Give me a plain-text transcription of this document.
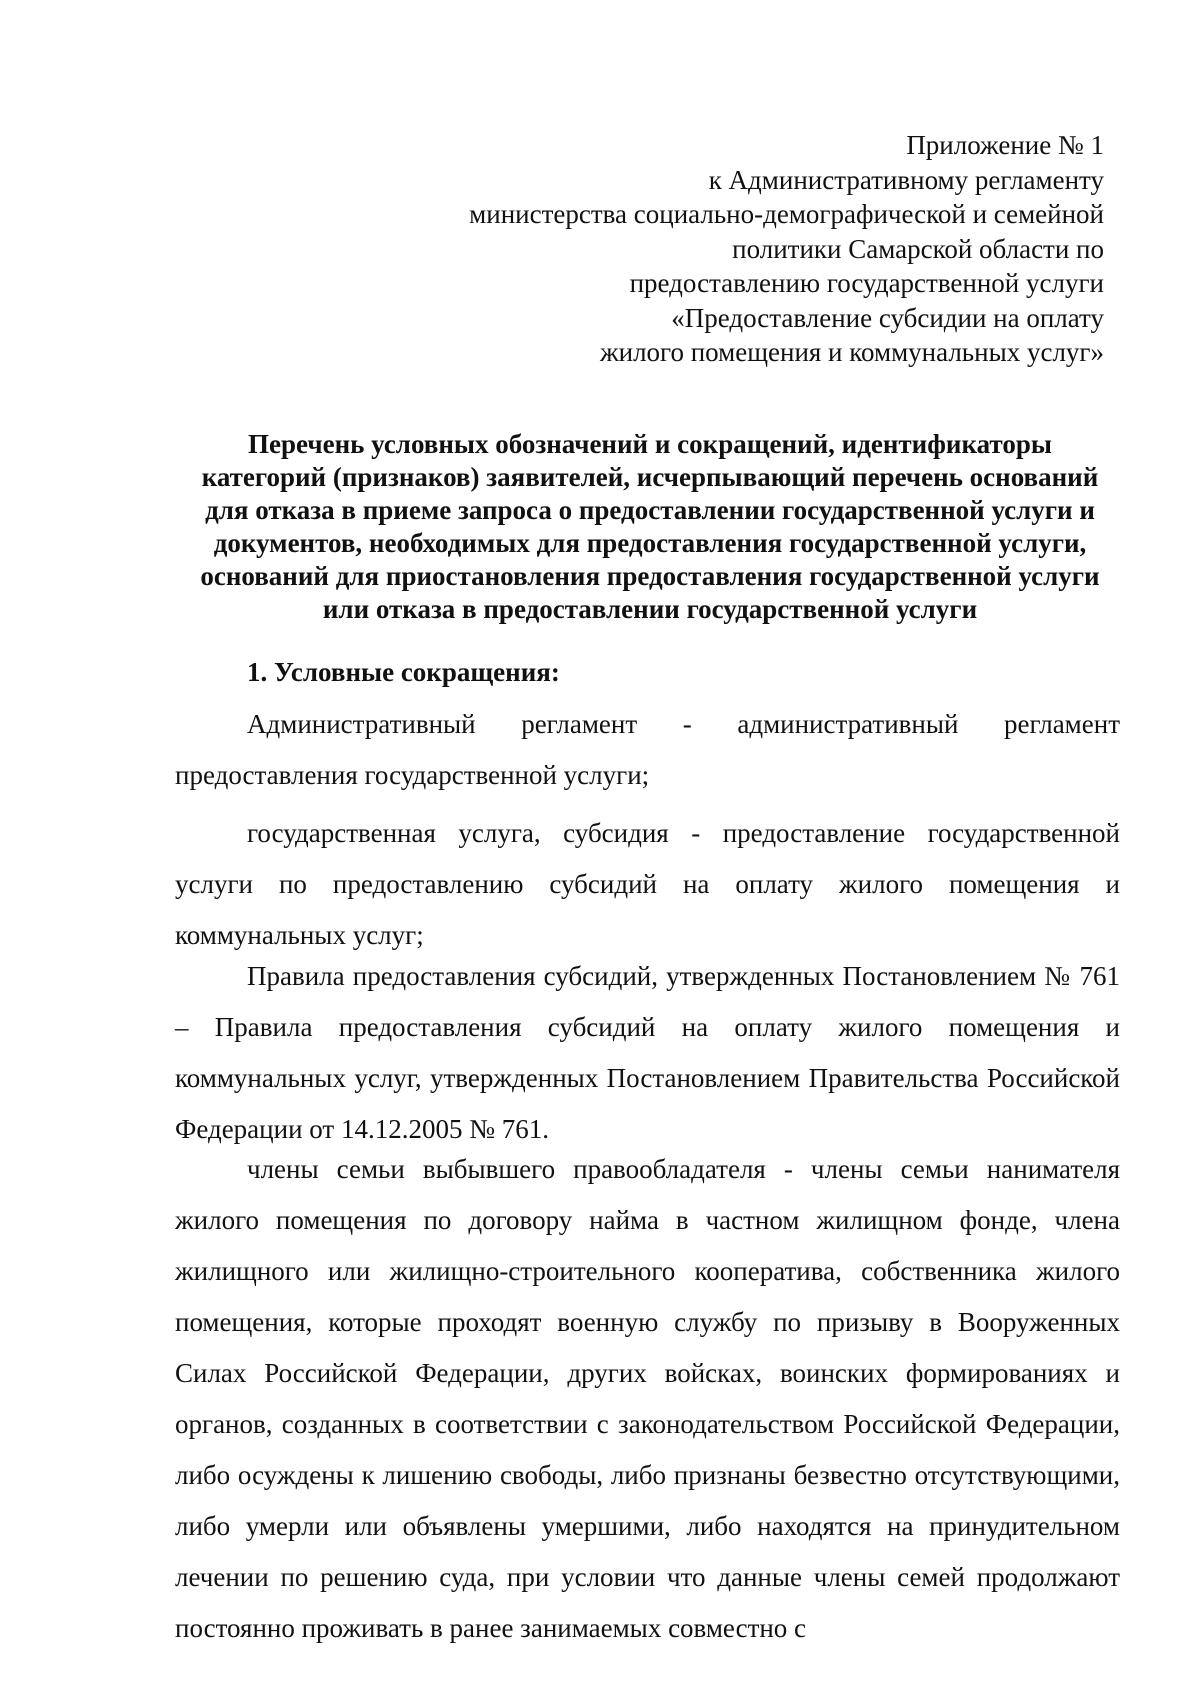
Приложение № 1
к Административному регламенту
министерства социально-демографической и семейной
политики Самарской области по
предоставлению государственной услуги
«Предоставление субсидии на оплату
жилого помещения и коммунальных услуг»
Перечень условных обозначений и сокращений, идентификаторы
категорий (признаков) заявителей, исчерпывающий перечень оснований
для отказа в приеме запроса о предоставлении государственной услуги и
документов, необходимых для предоставления государственной услуги,
оснований для приостановления предоставления государственной услуги
или отказа в предоставлении государственной услуги
1. Условные сокращения:

Административный регламент - административный регламент предоставления государственной услуги;

государственная услуга, субсидия - предоставление государственной услуги по предоставлению субсидий на оплату жилого помещения и коммунальных услуг;

Правила предоставления субсидий, утвержденных Постановлением № 761 – Правила предоставления субсидий на оплату жилого помещения и коммунальных услуг, утвержденных Постановлением Правительства Российской Федерации от 14.12.2005 № 761.

члены семьи выбывшего правообладателя - члены семьи нанимателя жилого помещения по договору найма в частном жилищном фонде, члена жилищного или жилищно-строительного кооператива, собственника жилого помещения, которые проходят военную службу по призыву в Вооруженных Силах Российской Федерации, других войсках, воинских формированиях и органов, созданных в соответствии с законодательством Российской Федерации, либо осуждены к лишению свободы, либо признаны безвестно отсутствующими, либо умерли или объявлены умершими, либо находятся на принудительном лечении по решению суда, при условии что данные члены семей продолжают постоянно проживать в ранее занимаемых совместно с
